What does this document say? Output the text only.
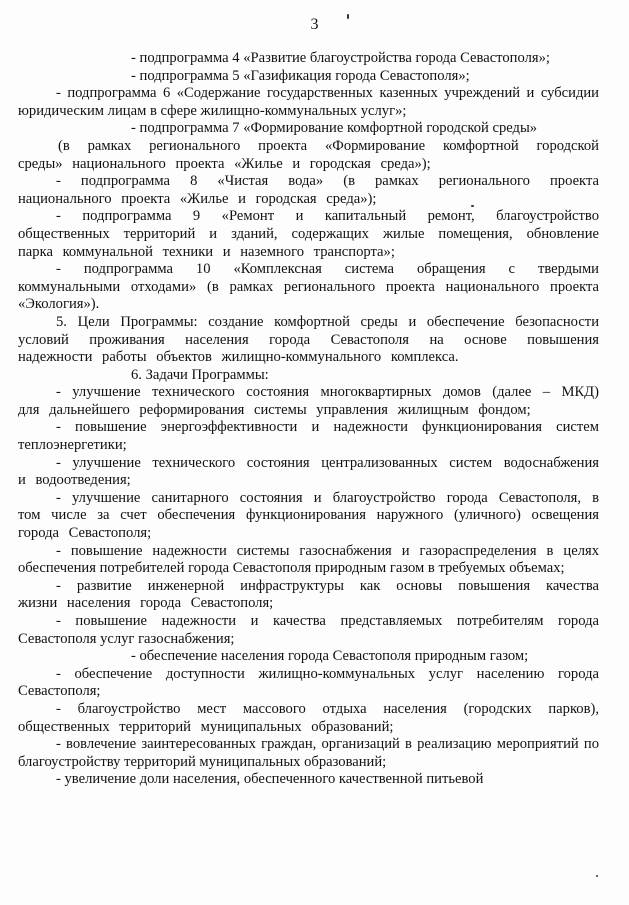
3

- подпрограмма 4 «Развитие благоустройства города Севастополя»;

- подпрограмма 5 «Газификация города Севастополя»;

- подпрограмма 6 «Содержание государственных казенных учреждений и субсидии юридическим лицам в сфере жилищно-коммунальных услуг»;

- подпрограмма 7 «Формирование комфортной городской среды»

(в рамках регионального проекта «Формирование комфортной городской среды» национального проекта «Жилье и городская среда»);

- подпрограмма 8 «Чистая вода» (в рамках регионального проекта национального проекта «Жилье и городская среда»);

- подпрограмма 9 «Ремонт и капитальный ремонт, благоустройство общественных территорий и зданий, содержащих жилые помещения, обновление парка коммунальной техники и наземного транспорта»;

- подпрограмма 10 «Комплексная система обращения с твердыми коммунальными отходами» (в рамках регионального проекта национального проекта «Экология»).

5. Цели Программы: создание комфортной среды и обеспечение безопасности условий проживания населения города Севастополя на основе повышения надежности работы объектов жилищно-коммунального комплекса.

6. Задачи Программы:

- улучшение технического состояния многоквартирных домов (далее – МКД) для дальнейшего реформирования системы управления жилищным фондом;

- повышение энергоэффективности и надежности функционирования систем теплоэнергетики;

- улучшение технического состояния централизованных систем водоснабжения и водоотведения;

- улучшение санитарного состояния и благоустройство города Севастополя, в том числе за счет обеспечения функционирования наружного (уличного) освещения города Севастополя;

- повышение надежности системы газоснабжения и газораспределения в целях обеспечения потребителей города Севастополя природным газом в требуемых объемах;

- развитие инженерной инфраструктуры как основы повышения качества жизни населения города Севастополя;

- повышение надежности и качества представляемых потребителям города Севастополя услуг газоснабжения;

- обеспечение населения города Севастополя природным газом;

- обеспечение доступности жилищно-коммунальных услуг населению города Севастополя;

- благоустройство мест массового отдыха населения (городских парков), общественных территорий муниципальных образований;

- вовлечение заинтересованных граждан, организаций в реализацию мероприятий по благоустройству территорий муниципальных образований;

- увеличение доли населения, обеспеченного качественной питьевой
